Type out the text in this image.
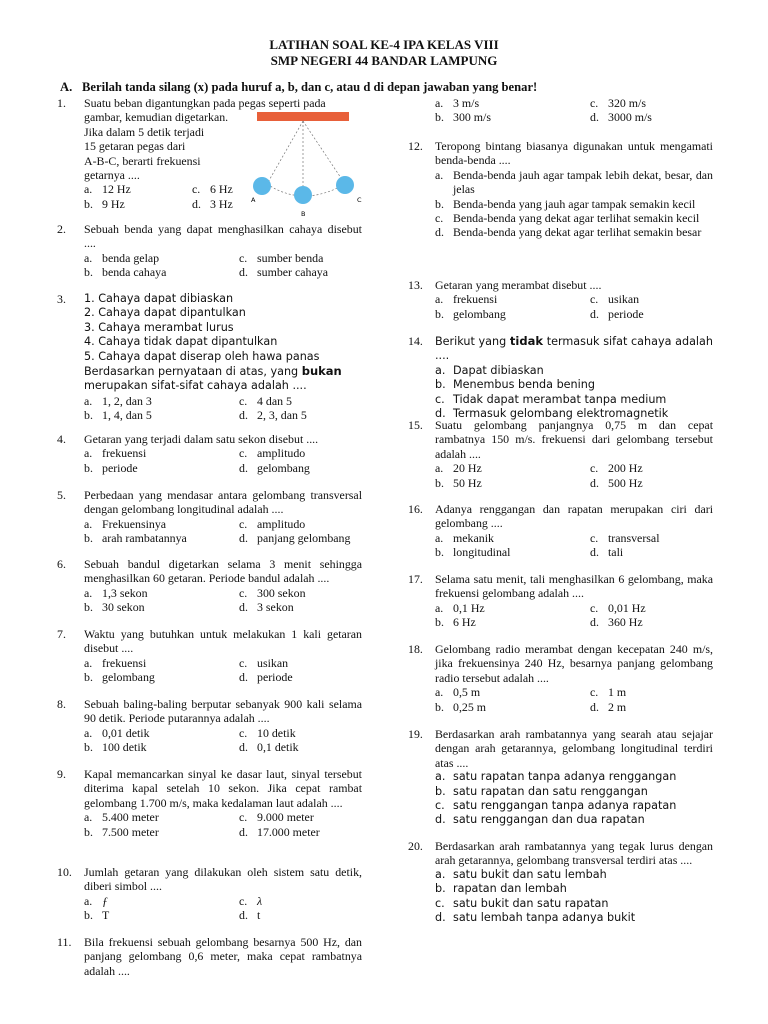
LATIHAN SOAL KE-4 IPA KELAS VIII
SMP NEGERI 44 BANDAR LAMPUNG
A. Berilah tanda silang (x) pada huruf a, b, dan c, atau d di depan jawaban yang benar!
A
B
C
1. Suatu beban digantungkan pada pegas seperti pada
gambar, kemudian digetarkan.
Jika dalam 5 detik terjadi
15 getaran pegas dari
A-B-C, berarti frekuensi
getarnya ....
a. 12 Hz	c. 6 Hz
b. 9 Hz	d. 3 Hz
2. Sebuah benda yang dapat menghasilkan cahaya disebut ....
a. benda gelap	c. sumber benda
b. benda cahaya	d. sumber cahaya
3. 1. Cahaya dapat dibiaskan
2. Cahaya dapat dipantulkan
3. Cahaya merambat lurus
4. Cahaya tidak dapat dipantulkan
5. Cahaya dapat diserap oleh hawa panas
Berdasarkan pernyataan di atas, yang bukan
merupakan sifat-sifat cahaya adalah ....
a. 1, 2, dan 3	c. 4 dan 5
b. 1, 4, dan 5	d. 2, 3, dan 5
4. Getaran yang terjadi dalam satu sekon disebut ....
a. frekuensi	c. amplitudo
b. periode	d. gelombang
5. Perbedaan yang mendasar antara gelombang transversal dengan gelombang longitudinal adalah ....
a. Frekuensinya	c. amplitudo
b. arah rambatannya	d. panjang gelombang
6. Sebuah bandul digetarkan selama 3 menit sehingga menghasilkan 60 getaran. Periode bandul adalah ....
a. 1,3 sekon	c. 300 sekon
b. 30 sekon	d. 3 sekon
7. Waktu yang butuhkan untuk melakukan 1 kali getaran disebut ....
a. frekuensi	c. usikan
b. gelombang	d. periode
8. Sebuah baling-baling berputar sebanyak 900 kali selama 90 detik. Periode putarannya adalah ....
a. 0,01 detik	c. 10 detik
b. 100 detik	d. 0,1 detik
9. Kapal memancarkan sinyal ke dasar laut, sinyal tersebut diterima kapal setelah 10 sekon. Jika cepat rambat gelombang 1.700 m/s, maka kedalaman laut adalah ....
a. 5.400 meter	c. 9.000 meter
b. 7.500 meter	d. 17.000 meter
10. Jumlah getaran yang dilakukan oleh sistem satu detik, diberi simbol ....
a. ƒ	c. λ
b. T	d. t
11. Bila frekuensi sebuah gelombang besarnya 500 Hz, dan panjang gelombang 0,6 meter, maka cepat rambatnya adalah ....
a. 3 m/s	c. 320 m/s
b. 300 m/s	d. 3000 m/s
12. Teropong bintang biasanya digunakan untuk mengamati benda-benda ....
a. Benda-benda jauh agar tampak lebih dekat, besar, dan jelas
b. Benda-benda yang jauh agar tampak semakin kecil
c. Benda-benda yang dekat agar terlihat semakin kecil
d. Benda-benda yang dekat agar terlihat semakin besar
13. Getaran yang merambat disebut ....
a. frekuensi	c. usikan
b. gelombang	d. periode
14. Berikut yang tidak termasuk sifat cahaya adalah ....
a. Dapat dibiaskan
b. Menembus benda bening
c. Tidak dapat merambat tanpa medium
d. Termasuk gelombang elektromagnetik
15. Suatu gelombang panjangnya 0,75 m dan cepat rambatnya 150 m/s. frekuensi dari gelombang tersebut adalah ....
a. 20 Hz	c. 200 Hz
b. 50 Hz	d. 500 Hz
16. Adanya renggangan dan rapatan merupakan ciri dari gelombang ....
a. mekanik	c. transversal
b. longitudinal	d. tali
17. Selama satu menit, tali menghasilkan 6 gelombang, maka frekuensi gelombang adalah ....
a. 0,1 Hz	c. 0,01 Hz
b. 6 Hz	d. 360 Hz
18. Gelombang radio merambat dengan kecepatan 240 m/s, jika frekuensinya 240 Hz, besarnya panjang gelombang radio tersebut adalah ....
a. 0,5 m	c. 1 m
b. 0,25 m	d. 2 m
19. Berdasarkan arah rambatannya yang searah atau sejajar dengan arah getarannya, gelombang longitudinal terdiri atas ....
a. satu rapatan tanpa adanya renggangan
b. satu rapatan dan satu renggangan
c. satu renggangan tanpa adanya rapatan
d. satu renggangan dan dua rapatan
20. Berdasarkan arah rambatannya yang tegak lurus dengan arah getarannya, gelombang transversal terdiri atas ....
a. satu bukit dan satu lembah
b. rapatan dan lembah
c. satu bukit dan satu rapatan
d. satu lembah tanpa adanya bukit
